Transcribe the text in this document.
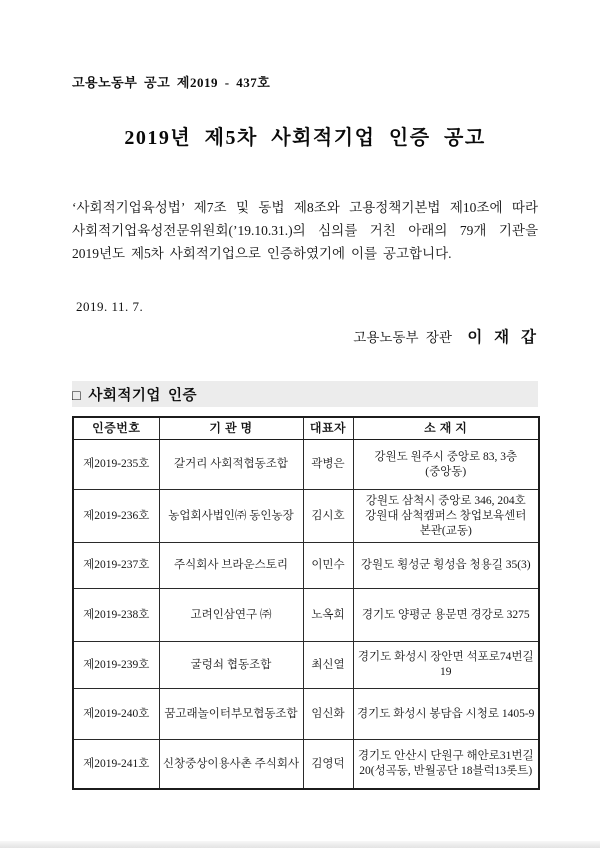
고용노동부 공고 제2019 - 437호
2019년 제5차 사회적기업 인증 공고

‘사회적기업육성법’ 제7조 및 동법 제8조와 고용정책기본법 제10조에 따라 사회적기업육성전문위원회(’19.10.31.)의 심의를 거친 아래의 79개 기관을 2019년도 제5차 사회적기업으로 인증하였기에 이를 공고합니다.

2019. 11. 7.
고용노동부 장관 이 재 갑
□ 사회적기업 인증
인증번호	기 관 명	대표자	소 재 지
제2019-235호	갈거리 사회적협동조합	곽병은	강원도 원주시 중앙로 83, 3층(중앙동)
제2019-236호	농업회사법인㈜ 동인농장	김시호	강원도 삼척시 중앙로 346, 204호 강원대 삼척캠퍼스 창업보육센터 본관(교동)
제2019-237호	주식회사 브라운스토리	이민수	강원도 횡성군 횡성읍 청용길 35(3)
제2019-238호	고려인삼연구 ㈜	노옥희	경기도 양평군 용문면 경강로 3275
제2019-239호	굴렁쇠 협동조합	최신열	경기도 화성시 장안면 석포로74번길 19
제2019-240호	꿈고래놀이터부모협동조합	임신화	경기도 화성시 봉담읍 시청로 1405-9
제2019-241호	신창중상이용사촌 주식회사	김영덕	경기도 안산시 단원구 해안로31번길 20(성곡동, 반월공단 18블럭13롯트)
